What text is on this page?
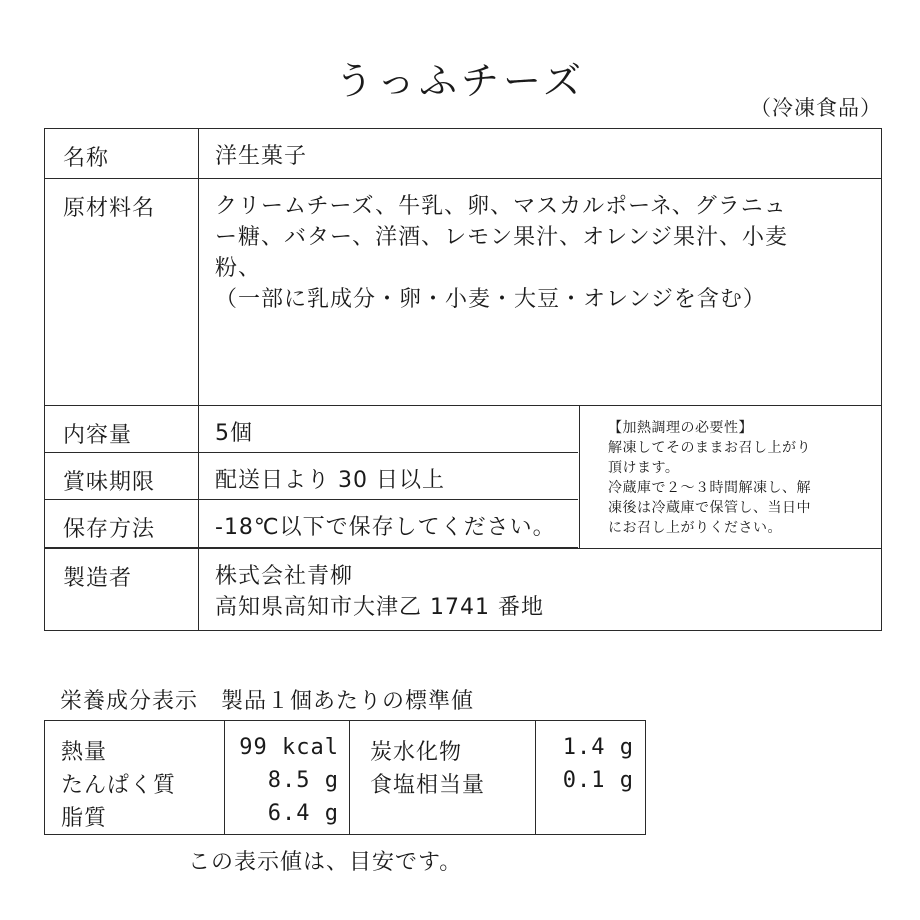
うっふチーズ
（冷凍食品）
名称	洋生菓子
原材料名	クリームチーズ、牛乳、卵、マスカルポーネ、グラニュ
ー糖、バター、洋酒、レモン果汁、オレンジ果汁、小麦
粉、
（一部に乳成分・卵・小麦・大豆・オレンジを含む）
内容量	5個
賞味期限	配送日より 30 日以上
保存方法	-18℃以下で保存してください。
【加熱調理の必要性】
解凍してそのままお召し上がり
頂けます。
冷蔵庫で２～３時間解凍し、解
凍後は冷蔵庫で保管し、当日中
にお召し上がりください。
製造者	株式会社青柳
高知県高知市大津乙 1741 番地
栄養成分表示　製品１個あたりの標準値
熱量	99 kcal
たんぱく質	8.5 g
脂質	6.4 g
炭水化物	1.4 g
食塩相当量	0.1 g
この表示値は、目安です。
